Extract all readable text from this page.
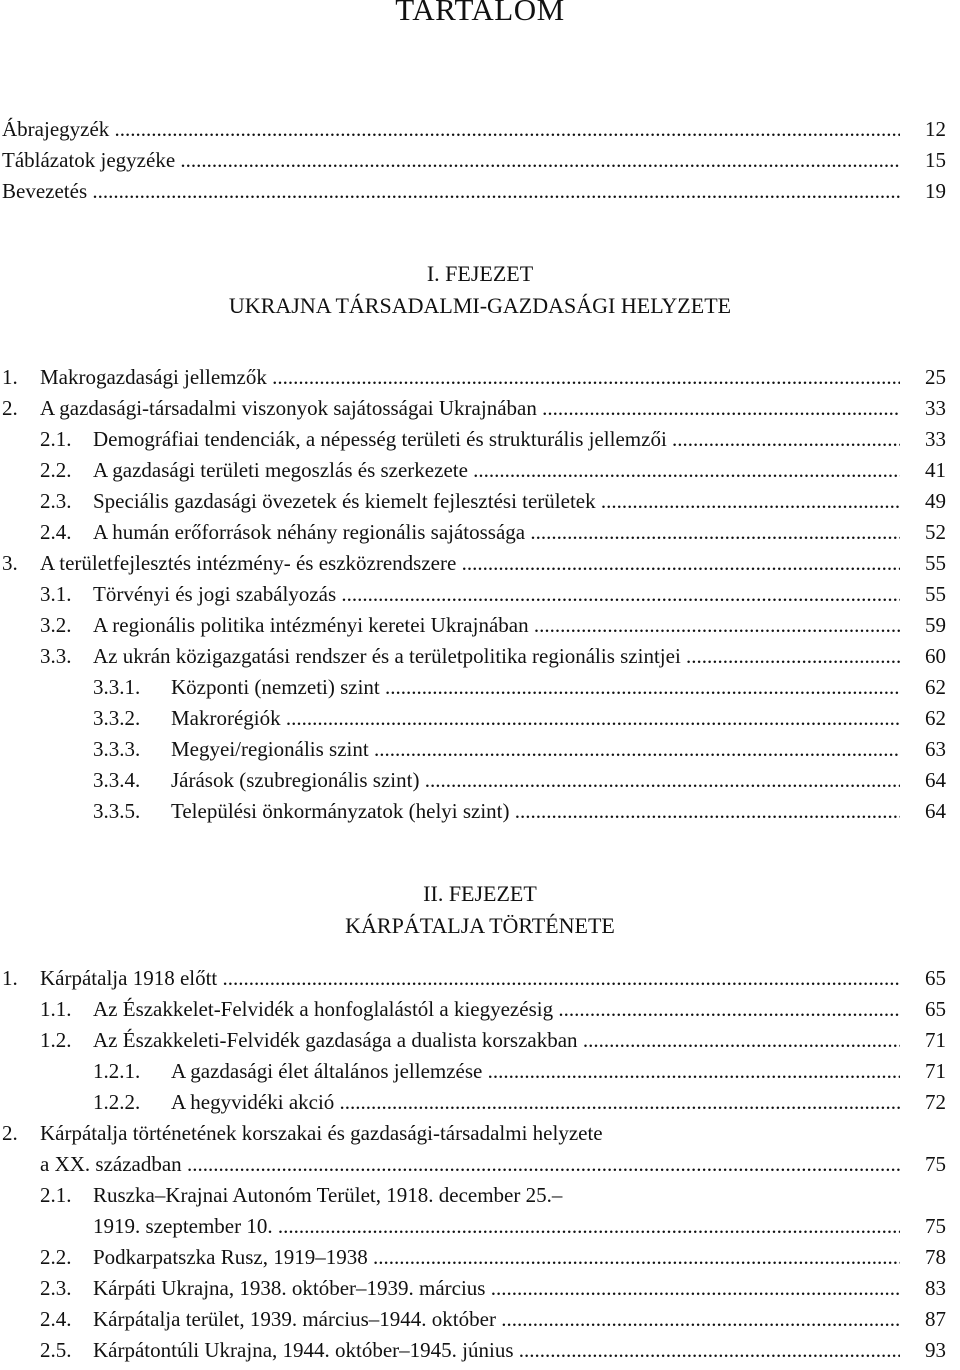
TARTALOM
Ábrajegyzék .....	12
Táblázatok jegyzéke .....	15
Bevezetés .....	19
I. FEJEZET
UKRAJNA TÁRSADALMI-GAZDASÁGI HELYZETE
1. Makrogazdasági jellemzők .....	25
2. A gazdasági-társadalmi viszonyok sajátosságai Ukrajnában .....	33
2.1. Demográfiai tendenciák, a népesség területi és strukturális jellemzői .....	33
2.2. A gazdasági területi megoszlás és szerkezete .....	41
2.3. Speciális gazdasági övezetek és kiemelt fejlesztési területek .....	49
2.4. A humán erőforrások néhány regionális sajátossága .....	52
3. A területfejlesztés intézmény- és eszközrendszere .....	55
3.1. Törvényi és jogi szabályozás .....	55
3.2. A regionális politika intézményi keretei Ukrajnában .....	59
3.3. Az ukrán közigazgatási rendszer és a területpolitika regionális szintjei .....	60
3.3.1. Központi (nemzeti) szint .....	62
3.3.2. Makrorégiók .....	62
3.3.3. Megyei/regionális szint .....	63
3.3.4. Járások (szubregionális szint) .....	64
3.3.5. Települési önkormányzatok (helyi szint) .....	64
II. FEJEZET
KÁRPÁTALJA TÖRTÉNETE
1. Kárpátalja 1918 előtt .....	65
1.1. Az Északkelet-Felvidék a honfoglalástól a kiegyezésig .....	65
1.2. Az Északkeleti-Felvidék gazdasága a dualista korszakban .....	71
1.2.1. A gazdasági élet általános jellemzése .....	71
1.2.2. A hegyvidéki akció .....	72
2. Kárpátalja történetének korszakai és gazdasági-társadalmi helyzete
a XX. században .....	75
2.1. Ruszka–Krajnai Autonóm Terület, 1918. december 25.–
1919. szeptember 10. .....	75
2.2. Podkarpatszka Rusz, 1919–1938 .....	78
2.3. Kárpáti Ukrajna, 1938. október–1939. március .....	83
2.4. Kárpátalja terület, 1939. március–1944. október .....	87
2.5. Kárpátontúli Ukrajna, 1944. október–1945. június .....	93
